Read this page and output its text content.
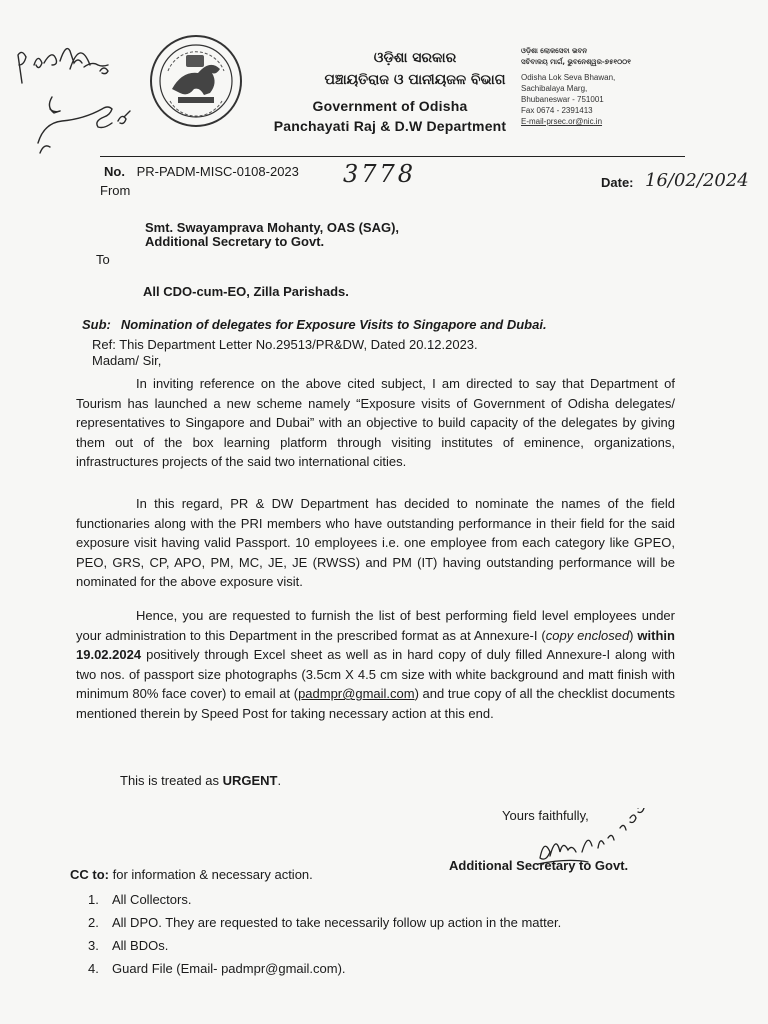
ଓଡ଼ିଶା ସରକାର
ପଞ୍ଚାୟତିରାଜ ଓ ପାନୀୟଜଳ ବିଭାଗ
Government of Odisha
Panchayati Raj & D.W Department
ଓଡ଼ିଶା ଲୋକସେବା ଭବନ
ସଚିବାଳୟ ମାର୍ଗ, ଭୁବନେଶ୍ୱର-୭୫୧୦୦୧
Odisha Lok Seva Bhawan,
Sachibalaya Marg,
Bhubaneswar - 751001
Fax 0674 - 2391413
E-mail-prsec.or@nic.in
No. PR-PADM-MISC-0108-2023 3778	Date: 16/02/2024
From
Smt. Swayamprava Mohanty, OAS (SAG),
Additional Secretary to Govt.
To
All CDO-cum-EO, Zilla Parishads.
Sub: Nomination of delegates for Exposure Visits to Singapore and Dubai.
Ref: This Department Letter No.29513/PR&DW, Dated 20.12.2023.
Madam/ Sir,
In inviting reference on the above cited subject, I am directed to say that Department of Tourism has launched a new scheme namely “Exposure visits of Government of Odisha delegates/ representatives to Singapore and Dubai” with an objective to build capacity of the delegates by giving them out of the box learning platform through visiting institutes of eminence, organizations, infrastructures projects of the said two international cities.
In this regard, PR & DW Department has decided to nominate the names of the field functionaries along with the PRI members who have outstanding performance in their field for the said exposure visit having valid Passport. 10 employees i.e. one employee from each category like GPEO, PEO, GRS, CP, APO, PM, MC, JE, JE (RWSS) and PM (IT) having outstanding performance will be nominated for the above exposure visit.
Hence, you are requested to furnish the list of best performing field level employees under your administration to this Department in the prescribed format as at Annexure-I (copy enclosed) within 19.02.2024 positively through Excel sheet as well as in hard copy of duly filled Annexure-I along with two nos. of passport size photographs (3.5cm X 4.5 cm size with white background and matt finish with minimum 80% face cover) to email at (padmpr@gmail.com) and true copy of all the checklist documents mentioned therein by Speed Post for taking necessary action at this end.
This is treated as URGENT.
Yours faithfully,
Additional Secretary to Govt.
CC to: for information & necessary action.
1. All Collectors.
2. All DPO. They are requested to take necessarily follow up action in the matter.
3. All BDOs.
4. Guard File (Email- padmpr@gmail.com).
